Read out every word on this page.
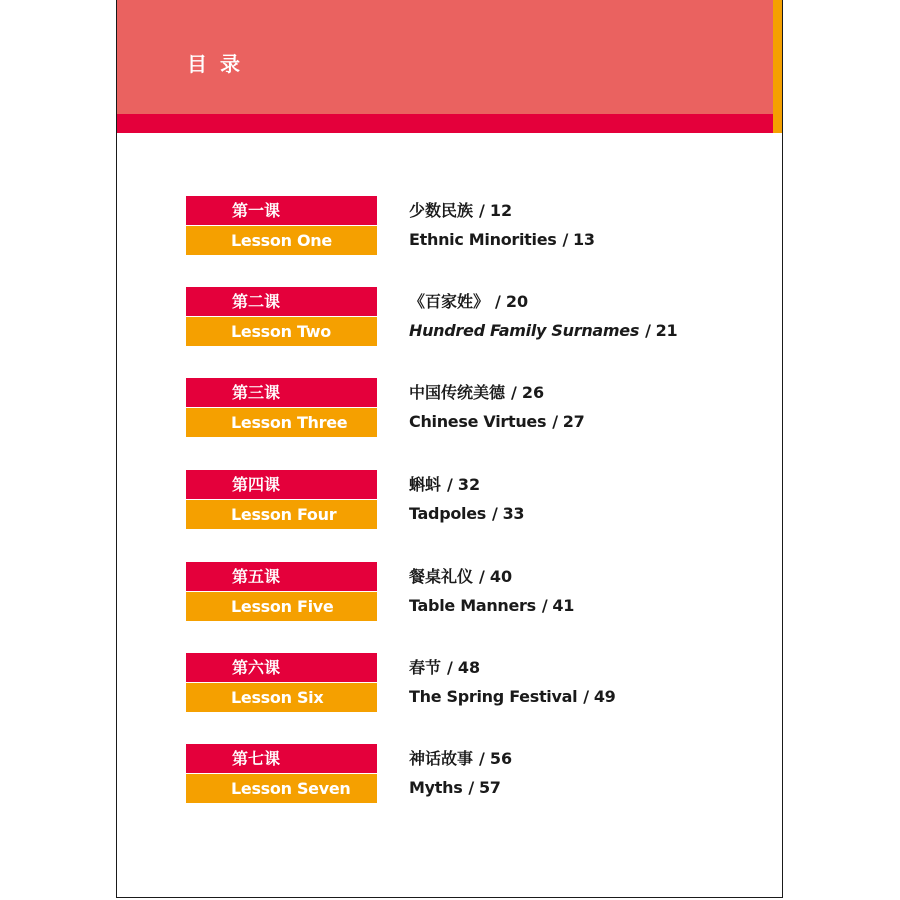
目 录
第一课
Lesson One
少数民族 / 12
Ethnic Minorities / 13
第二课
Lesson Two
《百家姓》 / 20
Hundred Family Surnames / 21
第三课
Lesson Three
中国传统美德 / 26
Chinese Virtues / 27
第四课
Lesson Four
蝌蚪 / 32
Tadpoles / 33
第五课
Lesson Five
餐桌礼仪 / 40
Table Manners / 41
第六课
Lesson Six
春节 / 48
The Spring Festival / 49
第七课
Lesson Seven
神话故事 / 56
Myths / 57
